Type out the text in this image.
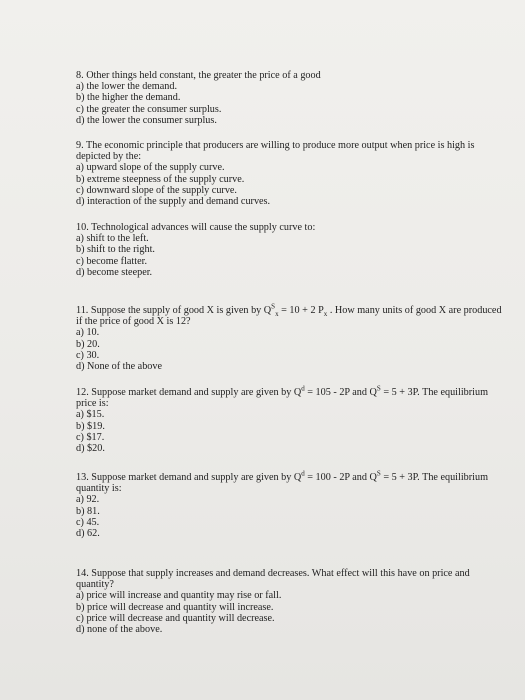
8. Other things held constant, the greater the price of a good

a) the lower the demand.
b) the higher the demand.
c) the greater the consumer surplus.
d) the lower the consumer surplus.

9. The economic principle that producers are willing to produce more output when price is high is depicted by the:

a) upward slope of the supply curve.
b) extreme steepness of the supply curve.
c) downward slope of the supply curve.
d) interaction of the supply and demand curves.

10. Technological advances will cause the supply curve to:

a) shift to the left.
b) shift to the right.
c) become flatter.
d) become steeper.

11. Suppose the supply of good X is given by $Q^S_x = 10 + 2$ $P_x$ . How many units of good X are produced if the price of good X is 12?

a) 10.
b) 20.
c) 30.
d) None of the above

12. Suppose market demand and supply are given by $Q^d = 105 - 2P$ and $Q^S = 5 + 3P$. The equilibrium price is:

a) $15.
b) $19.
c) $17.
d) $20.

13. Suppose market demand and supply are given by $Q^d = 100 - 2P$ and $Q^S = 5 + 3P$. The equilibrium quantity is:

a) 92.
b) 81.
c) 45.
d) 62.

14. Suppose that supply increases and demand decreases. What effect will this have on price and quantity?

a) price will increase and quantity may rise or fall.
b) price will decrease and quantity will increase.
c) price will decrease and quantity will decrease.
d) none of the above.
